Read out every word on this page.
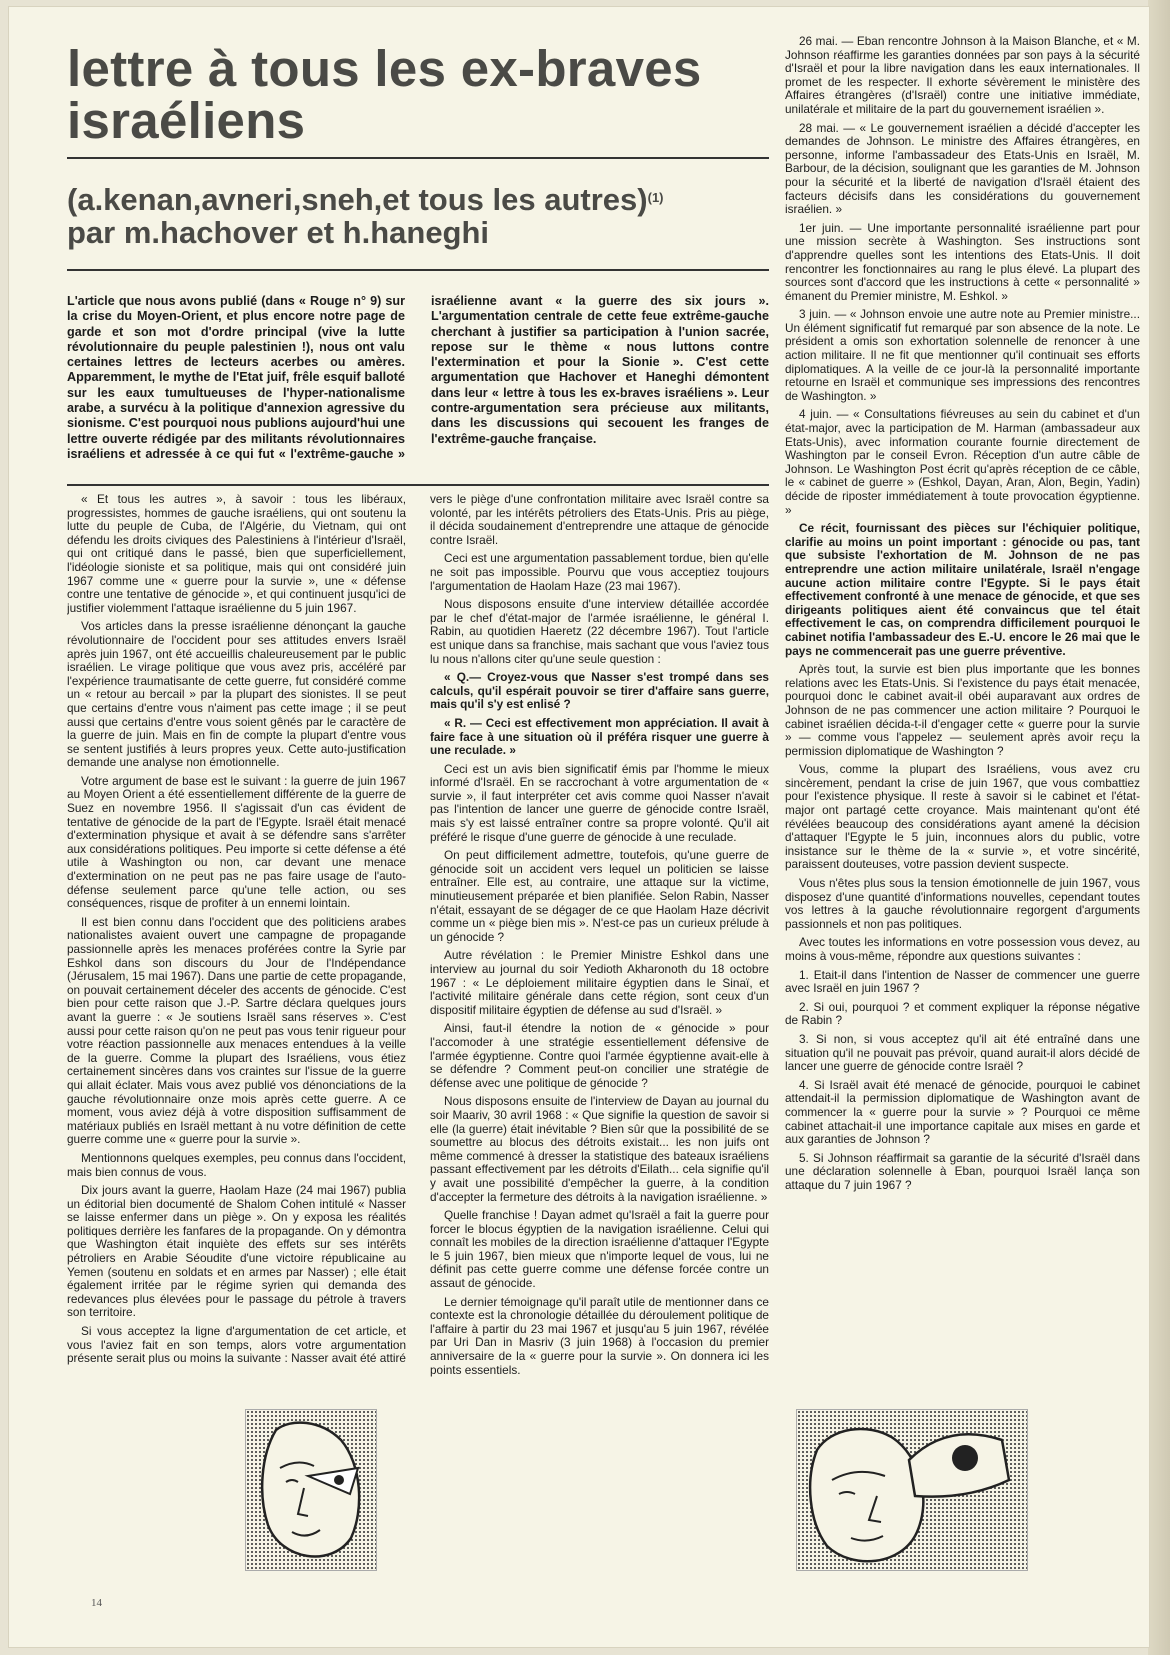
lettre à tous les ex-braves israéliens
(a.kenan,avneri,sneh,et tous les autres)$^{(1)}$
par m.hachover et h.haneghi

L'article que nous avons publié (dans « Rouge n° 9) sur la crise du Moyen-Orient, et plus encore notre page de garde et son mot d'ordre principal (vive la lutte révolutionnaire du peuple palestinien !), nous ont valu certaines lettres de lecteurs acerbes ou amères. Apparemment, le mythe de l'Etat juif, frêle esquif balloté sur les eaux tumultueuses de l'hyper-nationalisme arabe, a survécu à la politique d'annexion agressive du sionisme. C'est pourquoi nous publions aujourd'hui une lettre ouverte rédigée par des militants révolutionnaires israéliens et adressée à ce qui fut « l'extrême-gauche » israélienne avant « la guerre des six jours ». L'argumentation centrale de cette feue extrême-gauche cherchant à justifier sa participation à l'union sacrée, repose sur le thème « nous luttons contre l'extermination et pour la Sionie ». C'est cette argumentation que Hachover et Haneghi démontent dans leur « lettre à tous les ex-braves israéliens ». Leur contre-argumentation sera précieuse aux militants, dans les discussions qui secouent les franges de l'extrême-gauche française.

« Et tous les autres », à savoir : tous les libéraux, progressistes, hommes de gauche israéliens, qui ont soutenu la lutte du peuple de Cuba, de l'Algérie, du Vietnam, qui ont défendu les droits civiques des Palestiniens à l'intérieur d'Israël, qui ont critiqué dans le passé, bien que superficiellement, l'idéologie sioniste et sa politique, mais qui ont considéré juin 1967 comme une « guerre pour la survie », une « défense contre une tentative de génocide », et qui continuent jusqu'ici de justifier violemment l'attaque israélienne du 5 juin 1967.

Vos articles dans la presse israélienne dénonçant la gauche révolutionnaire de l'occident pour ses attitudes envers Israël après juin 1967, ont été accueillis chaleureusement par le public israélien. Le virage politique que vous avez pris, accéléré par l'expérience traumatisante de cette guerre, fut considéré comme un « retour au bercail » par la plupart des sionistes. Il se peut que certains d'entre vous n'aiment pas cette image ; il se peut aussi que certains d'entre vous soient gênés par le caractère de la guerre de juin. Mais en fin de compte la plupart d'entre vous se sentent justifiés à leurs propres yeux. Cette auto-justification demande une analyse non émotionnelle.

Votre argument de base est le suivant : la guerre de juin 1967 au Moyen Orient a été essentiellement différente de la guerre de Suez en novembre 1956. Il s'agissait d'un cas évident de tentative de génocide de la part de l'Egypte. Israël était menacé d'extermination physique et avait à se défendre sans s'arrêter aux considérations politiques. Peu importe si cette défense a été utile à Washington ou non, car devant une menace d'extermination on ne peut pas ne pas faire usage de l'auto-défense seulement parce qu'une telle action, ou ses conséquences, risque de profiter à un ennemi lointain.

Il est bien connu dans l'occident que des politiciens arabes nationalistes avaient ouvert une campagne de propagande passionnelle après les menaces proférées contre la Syrie par Eshkol dans son discours du Jour de l'Indépendance (Jérusalem, 15 mai 1967). Dans une partie de cette propagande, on pouvait certainement déceler des accents de génocide. C'est bien pour cette raison que J.-P. Sartre déclara quelques jours avant la guerre : « Je soutiens Israël sans réserves ». C'est aussi pour cette raison qu'on ne peut pas vous tenir rigueur pour votre réaction passionnelle aux menaces entendues à la veille de la guerre. Comme la plupart des Israéliens, vous étiez certainement sincères dans vos craintes sur l'issue de la guerre qui allait éclater. Mais vous avez publié vos dénonciations de la gauche révolutionnaire onze mois après cette guerre. A ce moment, vous aviez déjà à votre disposition suffisamment de matériaux publiés en Israël mettant à nu votre définition de cette guerre comme une « guerre pour la survie ».

Mentionnons quelques exemples, peu connus dans l'occident, mais bien connus de vous.

Dix jours avant la guerre, Haolam Haze (24 mai 1967) publia un éditorial bien documenté de Shalom Cohen intitulé « Nasser se laisse enfermer dans un piège ». On y exposa les réalités politiques derrière les fanfares de la propagande. On y démontra que Washington était inquiète des effets sur ses intérêts pétroliers en Arabie Séoudite d'une victoire républicaine au Yemen (soutenu en soldats et en armes par Nasser) ; elle était également irritée par le régime syrien qui demanda des redevances plus élevées pour le passage du pétrole à travers son territoire.

Si vous acceptez la ligne d'argumentation de cet article, et vous l'aviez fait en son temps, alors votre argumentation présente serait plus ou moins la suivante : Nasser avait été attiré vers le piège d'une confrontation militaire avec Israël contre sa volonté, par les intérêts pétroliers des Etats-Unis. Pris au piège, il décida soudainement d'entreprendre une attaque de génocide contre Israël.

Ceci est une argumentation passablement tordue, bien qu'elle ne soit pas impossible. Pourvu que vous acceptiez toujours l'argumentation de Haolam Haze (23 mai 1967).

Nous disposons ensuite d'une interview détaillée accordée par le chef d'état-major de l'armée israélienne, le général I. Rabin, au quotidien Haeretz (22 décembre 1967). Tout l'article est unique dans sa franchise, mais sachant que vous l'aviez tous lu nous n'allons citer qu'une seule question :

« Q.— Croyez-vous que Nasser s'est trompé dans ses calculs, qu'il espérait pouvoir se tirer d'affaire sans guerre, mais qu'il s'y est enlisé ?

« R. — Ceci est effectivement mon appréciation. Il avait à faire face à une situation où il préféra risquer une guerre à une reculade. »

Ceci est un avis bien significatif émis par l'homme le mieux informé d'Israël. En se raccrochant à votre argumentation de « survie », il faut interpréter cet avis comme quoi Nasser n'avait pas l'intention de lancer une guerre de génocide contre Israël, mais s'y est laissé entraîner contre sa propre volonté. Qu'il ait préféré le risque d'une guerre de génocide à une reculade.

On peut difficilement admettre, toutefois, qu'une guerre de génocide soit un accident vers lequel un politicien se laisse entraîner. Elle est, au contraire, une attaque sur la victime, minutieusement préparée et bien planifiée. Selon Rabin, Nasser n'était, essayant de se dégager de ce que Haolam Haze décrivit comme un « piège bien mis ». N'est-ce pas un curieux prélude à un génocide ?

Autre révélation : le Premier Ministre Eshkol dans une interview au journal du soir Yedioth Akharonoth du 18 octobre 1967 : « Le déploiement militaire égyptien dans le Sinaï, et l'activité militaire générale dans cette région, sont ceux d'un dispositif militaire égyptien de défense au sud d'Israël. »

Ainsi, faut-il étendre la notion de « génocide » pour l'accomoder à une stratégie essentiellement défensive de l'armée égyptienne. Contre quoi l'armée égyptienne avait-elle à se défendre ? Comment peut-on concilier une stratégie de défense avec une politique de génocide ?

Nous disposons ensuite de l'interview de Dayan au journal du soir Maariv, 30 avril 1968 : « Que signifie la question de savoir si elle (la guerre) était inévitable ? Bien sûr que la possibilité de se soumettre au blocus des détroits existait... les non juifs ont même commencé à dresser la statistique des bateaux israéliens passant effectivement par les détroits d'Eilath... cela signifie qu'il y avait une possibilité d'empêcher la guerre, à la condition d'accepter la fermeture des détroits à la navigation israélienne. »

Quelle franchise ! Dayan admet qu'Israël a fait la guerre pour forcer le blocus égyptien de la navigation israélienne. Celui qui connaît les mobiles de la direction israélienne d'attaquer l'Egypte le 5 juin 1967, bien mieux que n'importe lequel de vous, lui ne définit pas cette guerre comme une défense forcée contre un assaut de génocide.

Le dernier témoignage qu'il paraît utile de mentionner dans ce contexte est la chronologie détaillée du déroulement politique de l'affaire à partir du 23 mai 1967 et jusqu'au 5 juin 1967, révélée par Uri Dan in Masriv (3 juin 1968) à l'occasion du premier anniversaire de la « guerre pour la survie ». On donnera ici les points essentiels.

26 mai. — Eban rencontre Johnson à la Maison Blanche, et « M. Johnson réaffirme les garanties données par son pays à la sécurité d'Israël et pour la libre navigation dans les eaux internationales. Il promet de les respecter. Il exhorte sévèrement le ministère des Affaires étrangères (d'Israël) contre une initiative immédiate, unilatérale et militaire de la part du gouvernement israélien ».

28 mai. — « Le gouvernement israélien a décidé d'accepter les demandes de Johnson. Le ministre des Affaires étrangères, en personne, informe l'ambassadeur des Etats-Unis en Israël, M. Barbour, de la décision, soulignant que les garanties de M. Johnson pour la sécurité et la liberté de navigation d'Israël étaient des facteurs décisifs dans les considérations du gouvernement israélien. »

1er juin. — Une importante personnalité israélienne part pour une mission secrète à Washington. Ses instructions sont d'apprendre quelles sont les intentions des Etats-Unis. Il doit rencontrer les fonctionnaires au rang le plus élevé. La plupart des sources sont d'accord que les instructions à cette « personnalité » émanent du Premier ministre, M. Eshkol. »

3 juin. — « Johnson envoie une autre note au Premier ministre... Un élément significatif fut remarqué par son absence de la note. Le président a omis son exhortation solennelle de renoncer à une action militaire. Il ne fit que mentionner qu'il continuait ses efforts diplomatiques. A la veille de ce jour-là la personnalité importante retourne en Israël et communique ses impressions des rencontres de Washington. »

4 juin. — « Consultations fiévreuses au sein du cabinet et d'un état-major, avec la participation de M. Harman (ambassadeur aux Etats-Unis), avec information courante fournie directement de Washington par le conseil Evron. Réception d'un autre câble de Johnson. Le Washington Post écrit qu'après réception de ce câble, le « cabinet de guerre » (Eshkol, Dayan, Aran, Alon, Begin, Yadin) décide de riposter immédiatement à toute provocation égyptienne. »

Ce récit, fournissant des pièces sur l'échiquier politique, clarifie au moins un point important : génocide ou pas, tant que subsiste l'exhortation de M. Johnson de ne pas entreprendre une action militaire unilatérale, Israël n'engage aucune action militaire contre l'Egypte. Si le pays était effectivement confronté à une menace de génocide, et que ses dirigeants politiques aient été convaincus que tel était effectivement le cas, on comprendra difficilement pourquoi le cabinet notifia l'ambassadeur des E.-U. encore le 26 mai que le pays ne commencerait pas une guerre préventive.

Après tout, la survie est bien plus importante que les bonnes relations avec les Etats-Unis. Si l'existence du pays était menacée, pourquoi donc le cabinet avait-il obéi auparavant aux ordres de Johnson de ne pas commencer une action militaire ? Pourquoi le cabinet israélien décida-t-il d'engager cette « guerre pour la survie » — comme vous l'appelez — seulement après avoir reçu la permission diplomatique de Washington ?

Vous, comme la plupart des Israéliens, vous avez cru sincèrement, pendant la crise de juin 1967, que vous combattiez pour l'existence physique. Il reste à savoir si le cabinet et l'état-major ont partagé cette croyance. Mais maintenant qu'ont été révélées beaucoup des considérations ayant amené la décision d'attaquer l'Egypte le 5 juin, inconnues alors du public, votre insistance sur le thème de la « survie », et votre sincérité, paraissent douteuses, votre passion devient suspecte.

Vous n'êtes plus sous la tension émotionnelle de juin 1967, vous disposez d'une quantité d'informations nouvelles, cependant toutes vos lettres à la gauche révolutionnaire regorgent d'arguments passionnels et non pas politiques.

Avec toutes les informations en votre possession vous devez, au moins à vous-même, répondre aux questions suivantes :

1. Etait-il dans l'intention de Nasser de commencer une guerre avec Israël en juin 1967 ?

2. Si oui, pourquoi ? et comment expliquer la réponse négative de Rabin ?

3. Si non, si vous acceptez qu'il ait été entraîné dans une situation qu'il ne pouvait pas prévoir, quand aurait-il alors décidé de lancer une guerre de génocide contre Israël ?

4. Si Israël avait été menacé de génocide, pourquoi le cabinet attendait-il la permission diplomatique de Washington avant de commencer la « guerre pour la survie » ? Pourquoi ce même cabinet attachait-il une importance capitale aux mises en garde et aux garanties de Johnson ?

5. Si Johnson réaffirmait sa garantie de la sécurité d'Israël dans une déclaration solennelle à Eban, pourquoi Israël lança son attaque du 7 juin 1967 ?

14
